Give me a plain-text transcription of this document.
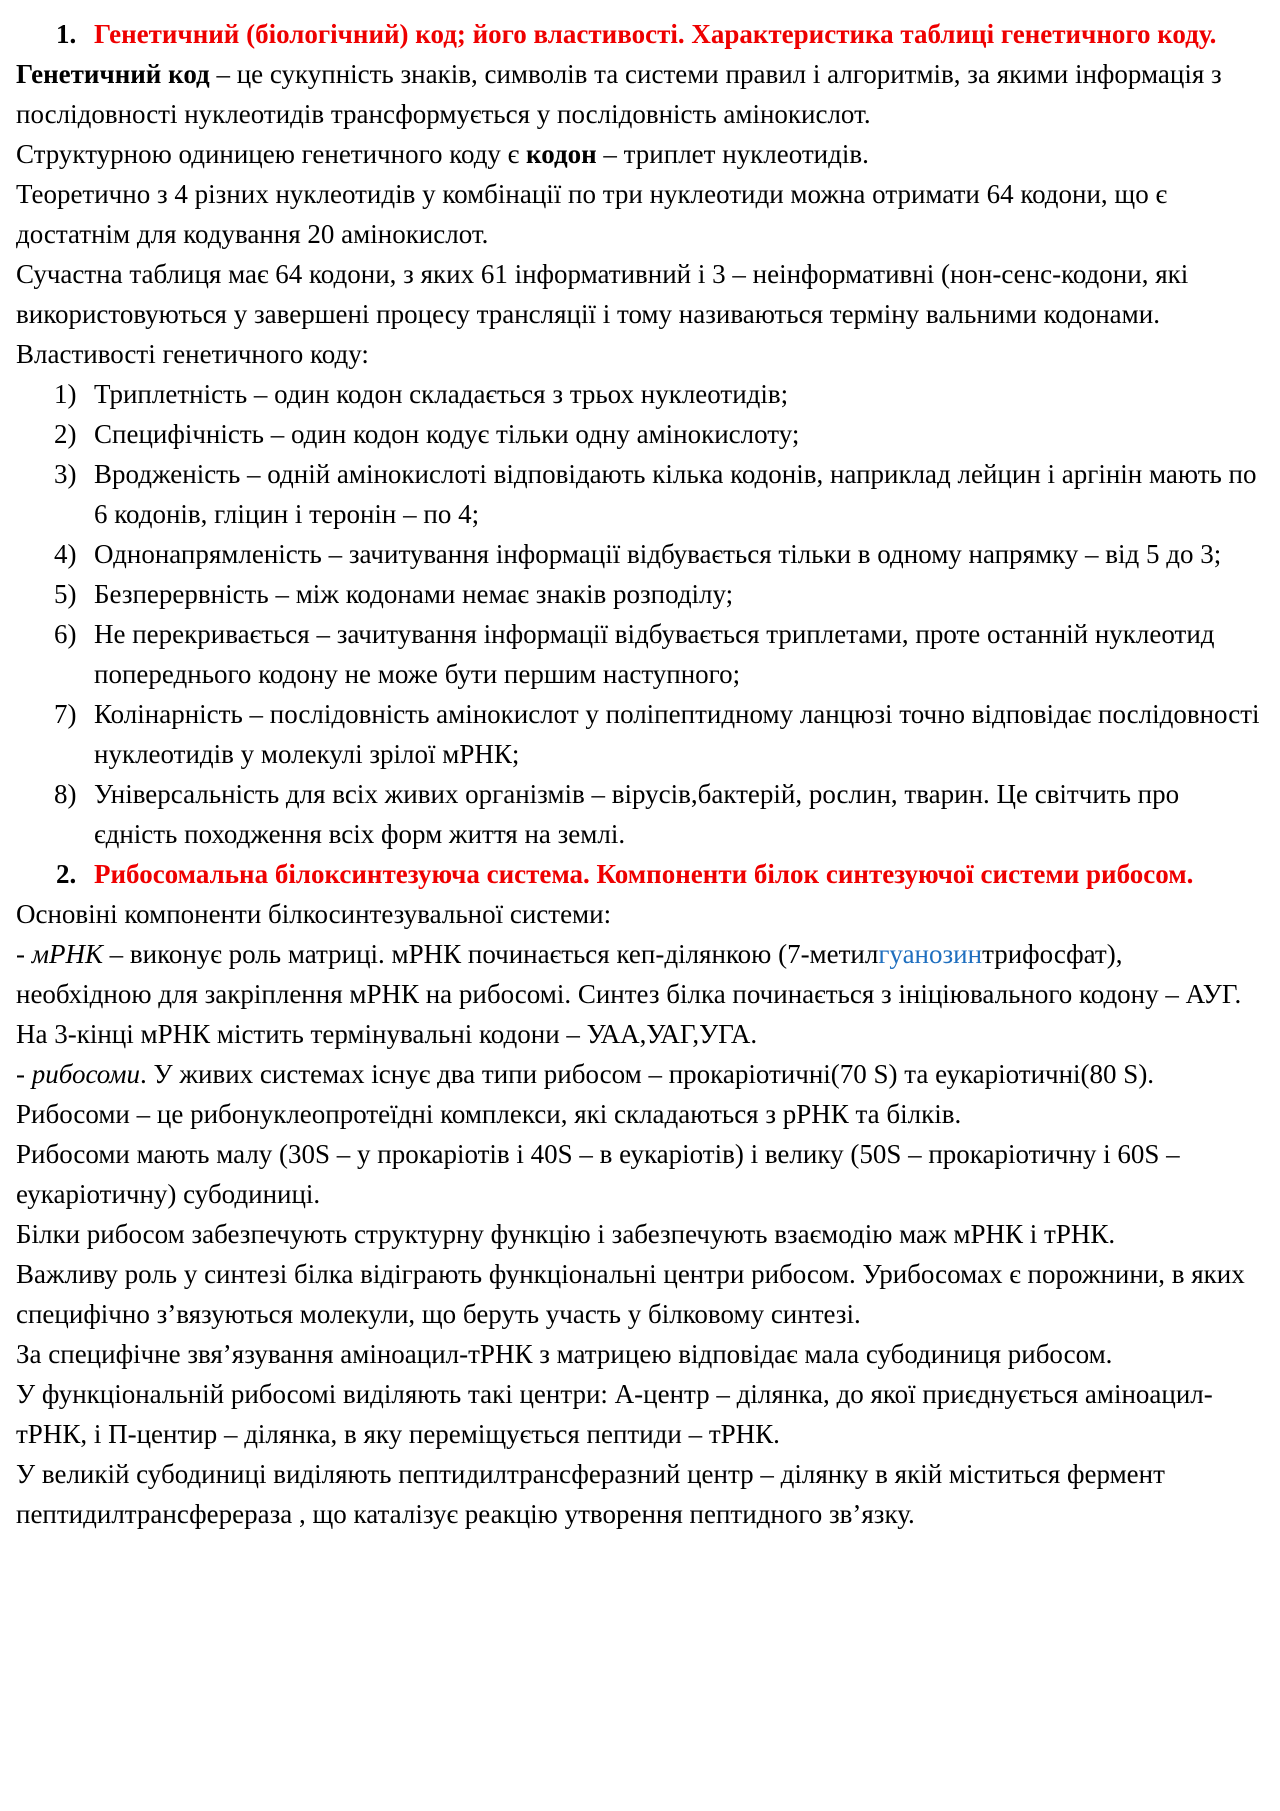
1. Генетичний (біологічний) код; його властивості. Характеристика таблиці генетичного коду.

Генетичний код – це сукупність знаків, символів та системи правил і алгоритмів, за якими інформація з послідовності нуклеотидів трансформується у послідовність амінокислот.

Структурною одиницею генетичного коду є кодон – триплет нуклеотидів.

Теоретично з 4 різних нуклеотидів у комбінації по три нуклеотиди можна отримати 64 кодони, що є достатнім для кодування 20 амінокислот.

Сучастна таблиця має 64 кодони, з яких 61 інформативний і 3 – неінформативні (нон-сенс-кодони, які використовуються у завершені процесу трансляції і тому називаються терміну вальними кодонами.

Властивості генетичного коду:

1) Триплетність – один кодон складається з трьох нуклеотидів;
2) Специфічність – один кодон кодує тільки одну амінокислоту;
3) Вродженість – одній амінокислоті відповідають кілька кодонів, наприклад лейцин і аргінін мають по 6 кодонів, гліцин і теронін – по 4;
4) Однонапрямленість – зачитування інформації відбувається тільки в одному напрямку – від 5 до 3;
5) Безперервність – між кодонами немає знаків розподілу;
6) Не перекривається – зачитування інформації відбувається триплетами, проте останній нуклеотид попереднього кодону не може бути першим наступного;
7) Колінарність – послідовність амінокислот у поліпептидному ланцюзі точно відповідає послідовності нуклеотидів у молекулі зрілої мРНК;
8) Універсальність для всіх живих організмів – вірусів,бактерій, рослин, тварин. Це світчить про єдність походження всіх форм життя на землі.
2. Рибосомальна білоксинтезуюча система. Компоненти білок синтезуючої системи рибосом.

Основіні компоненти білкосинтезувальної системи:

- мРНК – виконує роль матриці. мРНК починається кеп-ділянкою (7-метилгуанозинтрифосфат), необхідною для закріплення мРНК на рибосомі. Синтез білка починається з ініціювального кодону – АУГ. На 3-кінці мРНК містить термінувальні кодони – УАА,УАГ,УГА.

- рибосоми. У живих системах існує два типи рибосом – прокаріотичні(70 S) та еукаріотичні(80 S).

Рибосоми – це рибонуклеопротеїдні комплекси, які складаються з рРНК та білків.

Рибосоми мають малу (30S – у прокаріотів і 40S – в еукаріотів) і велику (50S – прокаріотичну і 60S –еукаріотичну) субодиниці.

Білки рибосом забезпечують структурну функцію і забезпечують взаємодію маж мРНК і тРНК.

Важливу роль у синтезі білка відіграють функціональні центри рибосом. Урибосомах є порожнини, в яких специфічно з’вязуються молекули, що беруть участь у білковому синтезі.

За специфічне звя’язування аміноацил-тРНК з матрицею відповідає мала субодиниця рибосом.

У функціональній рибосомі виділяють такі центри: А-центр – ділянка, до якої приєднується аміноацил-тРНК, і П-центир – ділянка, в яку переміщується пептиди – тРНК.

У великій субодиниці виділяють пептидилтрансферазний центр – ділянку в якій міститься фермент пептидилтрансферераза , що каталізує реакцію утворення пептидного зв’язку.
